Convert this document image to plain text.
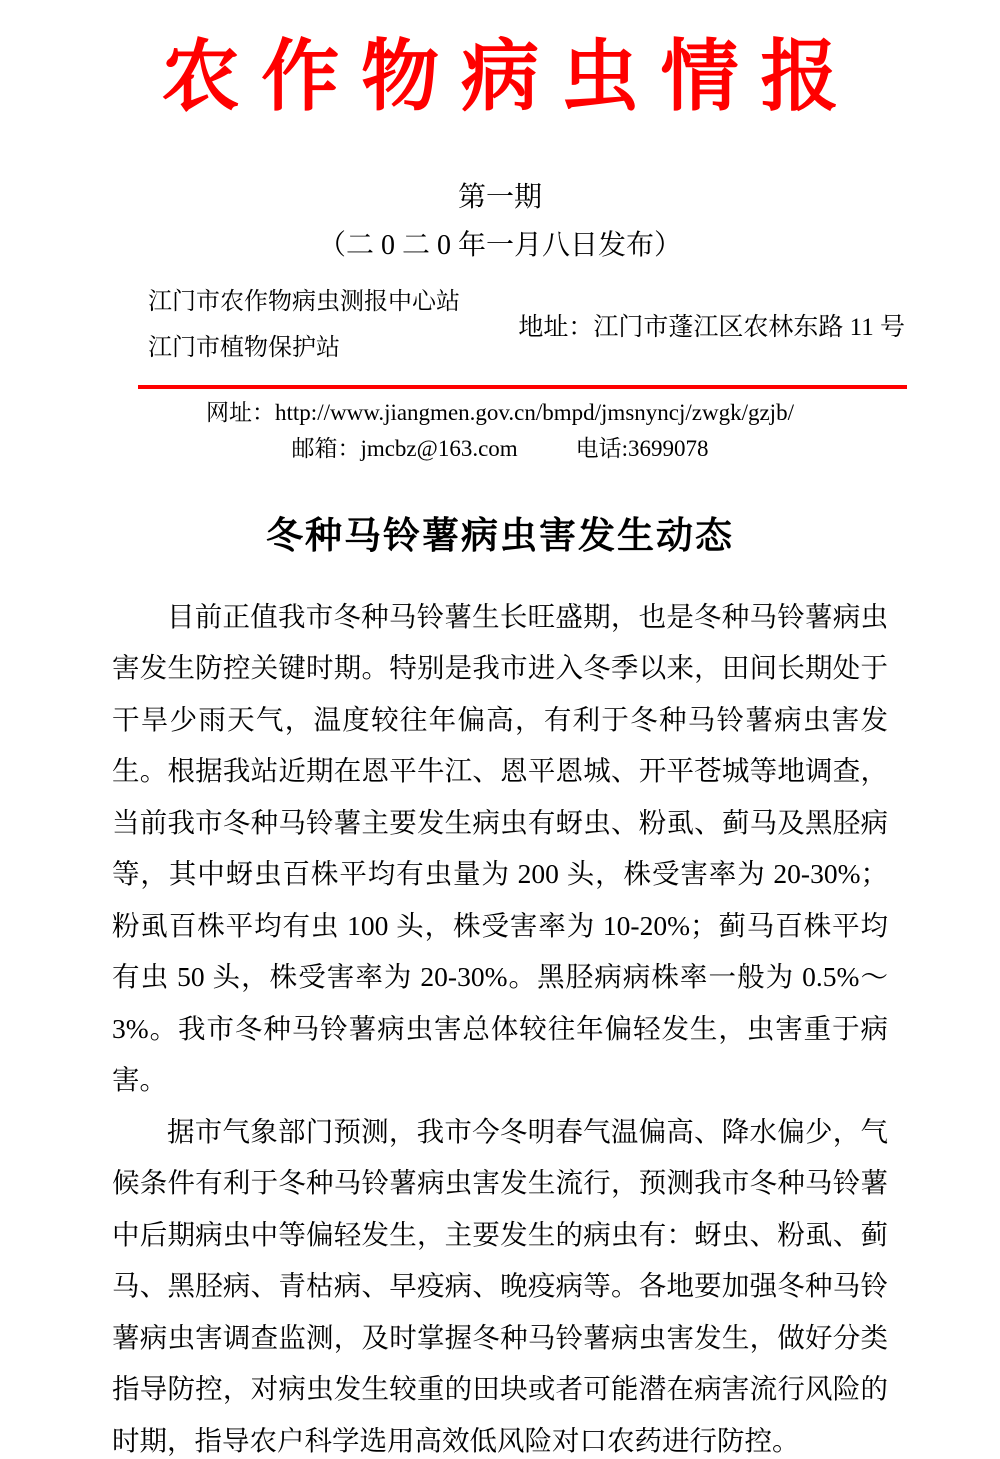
农作物病虫情报
第一期
（二 0 二 0 年一月八日发布）
江门市农作物病虫测报中心站
江门市植物保护站
地址：江门市蓬江区农林东路 11 号
网址：http://www.jiangmen.gov.cn/bmpd/jmsnyncj/zwgk/gzjb/
邮箱：jmcbz@163.com	电话:3699078
冬种马铃薯病虫害发生动态

目前正值我市冬种马铃薯生长旺盛期，也是冬种马铃薯病虫害发生防控关键时期。特别是我市进入冬季以来，田间长期处于干旱少雨天气，温度较往年偏高，有利于冬种马铃薯病虫害发生。根据我站近期在恩平牛江、恩平恩城、开平苍城等地调查，当前我市冬种马铃薯主要发生病虫有蚜虫、粉虱、蓟马及黑胫病等，其中蚜虫百株平均有虫量为 200 头，株受害率为 20-30%；粉虱百株平均有虫 100 头，株受害率为 10-20%；蓟马百株平均有虫 50 头，株受害率为 20-30%。黑胫病病株率一般为 0.5%～3%。我市冬种马铃薯病虫害总体较往年偏轻发生，虫害重于病害。

据市气象部门预测，我市今冬明春气温偏高、降水偏少，气候条件有利于冬种马铃薯病虫害发生流行，预测我市冬种马铃薯中后期病虫中等偏轻发生，主要发生的病虫有：蚜虫、粉虱、蓟马、黑胫病、青枯病、早疫病、晚疫病等。各地要加强冬种马铃薯病虫害调查监测，及时掌握冬种马铃薯病虫害发生，做好分类指导防控，对病虫发生较重的田块或者可能潜在病害流行风险的时期，指导农户科学选用高效低风险对口农药进行防控。
